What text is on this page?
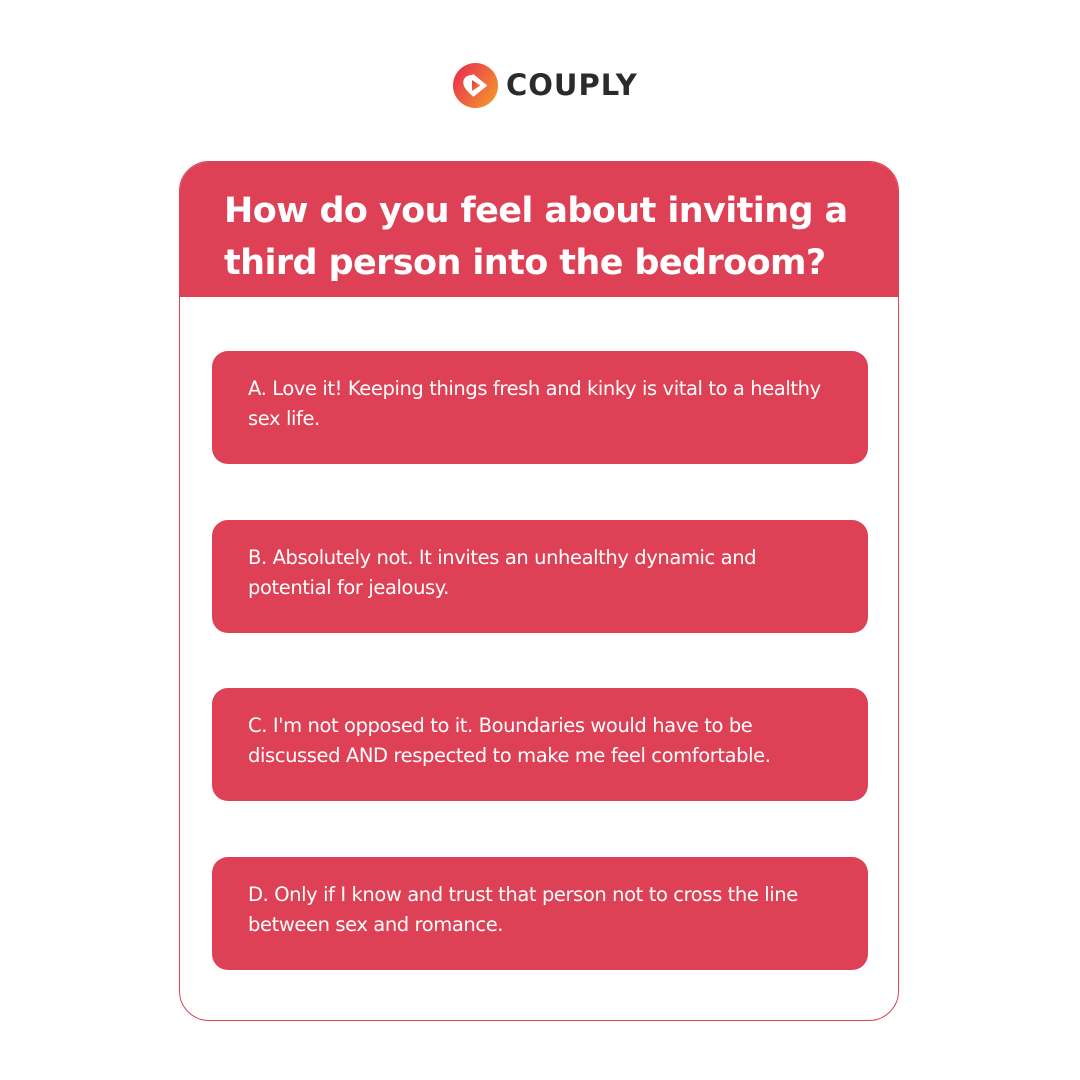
COUPLY
How do you feel about inviting a third person into the bedroom?
A. Love it! Keeping things fresh and kinky is vital to a healthy sex life.
B. Absolutely not. It invites an unhealthy dynamic and potential for jealousy.
C. I'm not opposed to it. Boundaries would have to be discussed AND respected to make me feel comfortable.
D. Only if I know and trust that person not to cross the line between sex and romance.
